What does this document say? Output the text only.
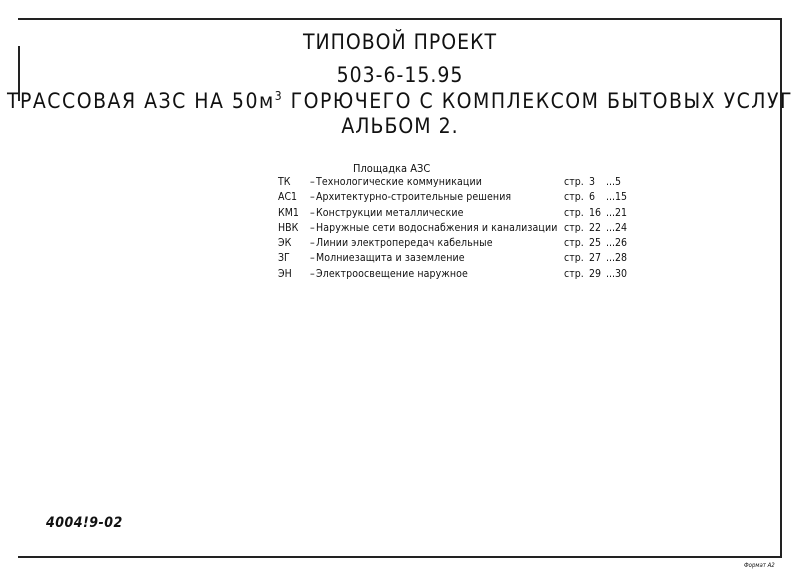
ТИПОВОЙ ПРОЕКТ
503-6-15.95
ТРАССОВАЯ АЗС НА $50м^3$ ГОРЮЧЕГО С КОМПЛЕКСОМ БЫТОВЫХ УСЛУГ
АЛЬБОМ 2.
Площадка АЗС
ТК	– Технологические коммуникации	стр. 3 ...5
АС1	– Архитектурно-строительные решения	стр. 6 ...15
КМ1 – Конструкции металлические	стр. 16 ...21
НВК	– Наружные сети водоснабжения и канализации стр. 22 ...24
ЭК	– Линии электропередач кабельные	стр. 25 ...26
ЗГ	– Молниезащита и заземление	стр. 27 ...28
ЭН	– Электроосвещение наружное	стр. 29 ...30
4004!9-02
Формат А2
